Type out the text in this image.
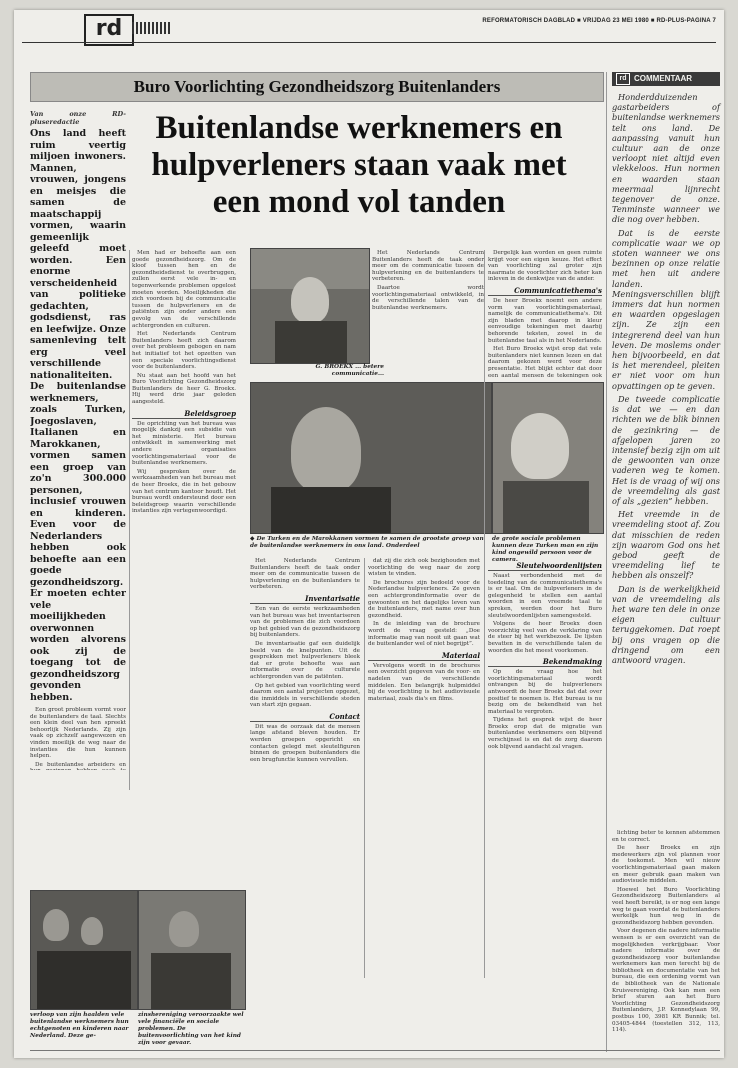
rd	REFORMATORISCH DAGBLAD ■ VRIJDAG 23 MEI 1980 ■ RD-PLUS-PAGINA 7
Buro Voorlichting Gezondheidszorg Buitenlanders	rd COMMENTAAR

Honderdduizenden gastarbeiders of buitenlandse werknemers telt ons land. De aanpassing vanuit hun cultuur aan de onze verloopt niet altijd even vlekkeloos. Hun normen en waarden staan meermaal lijnrecht tegenover de onze. Tenminste wanneer we die nog over hebben.

Dat is de eerste complicatie waar we op stoten wanneer we ons bezinnen op onze relatie met hen uit andere landen. Meningsverschillen blijft immers dat hun normen en waarden opgeslagen zijn. Ze zijn een integrerend deel van hun leven. De moslems onder hen bijvoorbeeld, en dat is het merendeel, pleiten er niet voor om hun opvattingen op te geven.

De tweede complicatie is dat we — en dan richten we de blik binnen de gezinkring — de afgelopen jaren zo intensief bezig zijn om uit de gewoonten van onze vaderen weg te komen. Het is de vraag of wij ons de vreemdeling als gast of als „gezien” hebben.

Het vreemde in de vreemdeling stoot af. Zou dat misschien de reden zijn waarom God ons het gebod geeft de vreemdeling lief te hebben als onszelf?

Dan is de werkelijkheid van de vreemdeling als het ware ten dele in onze eigen cultuur teruggekomen. Dat roept bij ons vragen op die dringend om een antwoord vragen.

Buitenlandse werknemers en hulpverleners staan vaak met een mond vol tanden
Van onze RD-pluseredactie
Ons land heeft ruim veertig miljoen inwoners. Mannen, vrouwen, jongens en meisjes die samen de maatschappij vormen, waarin gemeenlijk geleefd moet worden. Een enorme verscheidenheid van politieke gedachten, godsdienst, ras en leefwijze. Onze samenleving telt erg veel verschillende nationaliteiten. De buitenlandse werknemers, zoals Turken, Joegoslaven, Italianen en Marokkanen, vormen samen een groep van zo'n 300.000 personen, inclusief vrouwen en kinderen. Even voor de Nederlanders hebben ook behoefte aan een goede gezondheidszorg. Er moeten echter vele moeilijkheden overwonnen worden alvorens ook zij de toegang tot de gezondheidszorg gevonden hebben.

Een groot probleem vormt voor de buitenlanders de taal. Slechts een klein deel van hen spreekt behoorlijk Nederlands. Zij zijn vaak op zichzelf aangewezen en vinden moeilijk de weg naar de instanties die hun kunnen helpen.

De buitenlandse arbeiders en

Men had er behoefte aan een goede gezondheidszorg. Om de kloof tussen hen en de gezondheidsdienst te overbruggen, zullen eerst vele in- en tegenwerkende problemen opgelost moeten worden. Moeilijkheden die zich voordoen bij de communicatie tussen de hulpverleners en de patiënten zijn onder andere een gevolg van de verschillende achtergronden en culturen.

Het Nederlands Centrum Buitenlanders heeft zich daarom over het probleem gebogen en nam het initiatief tot het opzetten van een speciale voorlichtingsdienst voor de buitenlanders.

Nu staat aan het hoofd van het Buro Voorlichting Gezondheidszorg Buitenlanders de heer G. Broekx. Hij werd drie jaar geleden aangesteld.

Beleidsgroep

De oprichting van het bureau was mogelijk dankzij een subsidie van het ministerie. Het bureau ontwikkelt in samenwerking met andere organisaties voorlichtingsmateriaal voor de buitenlandse werknemers.

Wij gesproken over de werkzaamheden van het bureau met de heer Broekx, die in het gebouw van het centrum kantoor houdt. Het bureau wordt ondersteund door een beleidsgroep waarin verschillende instanties zijn vertegenwoordigd.

G. BROEKX ... betere communicatie...

Het Nederlands Centrum Buitenlanders heeft de taak onder meer om de communicatie tussen de hulpverlening en de buitenlanders te verbeteren.

Daartoe wordt voorlichtingsmateriaal ontwikkeld, in de verschillende talen van de buitenlandse werknemers.

◆ De Turken en de Marokkanen vormen te samen de grootste groep van de buitenlandse werknemers in ons land. Onderdeel
de grote sociale problemen kunnen deze Turken man en zijn kind ongewild persoon voor de camera.

Het Nederlands Centrum Buitenlanders heeft de taak onder meer om de communicatie tussen de hulpverlening en de buitenlanders te verbeteren.

Inventarisatie

Een van de eerste werkzaamheden van het bureau was het inventariseren van de problemen die zich voordoen op het gebied van de gezondheidszorg bij buitenlanders.

De inventarisatie gaf een duidelijk beeld van de knelpunten. Uit de gesprekken met hulpverleners bleek dat er grote behoefte was aan informatie over de culturele achtergronden van de patiënten.

Op het gebied van voorlichting werd daarom een aantal projecten opgezet, die inmiddels in verschillende steden van start zijn gegaan.

Contact

Dit was de oorzaak dat de mensen lange afstand bleven houden. Er werden groepen opgericht en contacten gelegd met sleutelfiguren binnen de groepen buitenlanders die een brugfunctie kunnen vervullen.

dat zij die zich ook bezighouden met voorlichting de weg naar de zorg wisten te vinden.

De brochures zijn bedoeld voor de Nederlandse hulpverleners. Ze geven een achtergrondinformatie over de gewoonten en het dagelijks leven van de buitenlanders, met name over hun gezondheid.

In de inleiding van de brochure wordt de vraag gesteld: „Doe informatie mag van nooit uit gaan wat de buitenlander wel of niet begrijpt”.

Materiaal

Vervolgens wordt in de brochures een overzicht gegeven van de voor- en nadelen van de verschillende middelen. Een belangrijk hulpmiddel bij de voorlichting is het audiovisuele materiaal, zoals dia's en films.

Dergelijk kan worden en geen ruimte krijgt voor een eigen keuze. Het effect van voorlichting zal groter zijn naarmate de voorlichter zich beter kan inleven in de denkwijze van de ander.

Communicatiethema's

De heer Broekx noemt een andere vorm van voorlichtingsmateriaal, namelijk de communicatiethema's. Dit zijn bladen met daarop in kleur eenvoudige tekeningen met daarbij behorende teksten, zowel in de buitenlandse taal als in het Nederlands.

Het Buro Broekx wijst erop dat vele buitenlanders niet kunnen lezen en dat daarom gekozen werd voor deze presentatie. Het blijkt echter dat door een aantal mensen de tekeningen ook

Sleutelwoordenlijsten

Naast verbondenheid met de toedeling van de communicatiethema's is er taal. Om de hulpverleners in de gelegenheid te stellen een aantal woorden in een vreemde taal te spreken, werden door het Buro sleutelwoordenlijsten samengesteld.

Volgens de heer Broekx doen voorzichtig veel van de verklaring van de steer bij het werkbezoek. De lijsten bevatten in de verschillende talen de woorden die het meest voorkomen.

Bekendmaking

Op de vraag hoe het voorlichtingsmateriaal wordt ontvangen bij de hulpverleners antwoordt de heer Broekx dat dat over positief te noemen is. Het bureau is nu bezig om de bekendheid van het materiaal te vergroten.

Tijdens het gesprek wijst de heer Broekx erop dat de migratie van buitenlandse werknemers een blijvend verschijnsel is en dat de zorg daarom ook blijvend aandacht zal vragen.

lichting beter te kennen afstemmen en te correct.

De heer Broekx en zijn medewerkers zijn vol plannen voor de toekomst. Men wil nieuw voorlichtingsmateriaal gaan maken en meer gebruik gaan maken van audiovisuele middelen.

Hoewel het Buro Voorlichting Gezondheidszorg Buitenlanders al veel heeft bereikt, is er nog een lange weg te gaan voordat de buitenlanders werkelijk hun weg in de gezondheidszorg hebben gevonden.

Voor degenen die nadere informatie wensen is er een overzicht van de mogelijkheden verkrijgbaar. Voor nadere informatie over de gezondheidszorg voor buitenlandse werknemers kan men terecht bij de bibliotheek en documentatie van het bureau, die een ordening vormt van de bibliotheek van de Nationale Kruisvereniging. Ook kan men een brief sturen aan het Buro Voorlichting Gezondheidszorg Buitenlanders, J.P. Kennedylaan 99, postbus 100, 3981 KR Bunnik; tel. 03405-4844 (toestellen 312, 113, 114).

verloop van zijn haalden vele buitenlandse werknemers hun echtgenoten en kinderen naar Nederland. Deze ge-
zinshereniging veroorzaakte wel vele financiële en sociale problemen. De buitenvoorlichting van het kind zijn voor gevaar.
